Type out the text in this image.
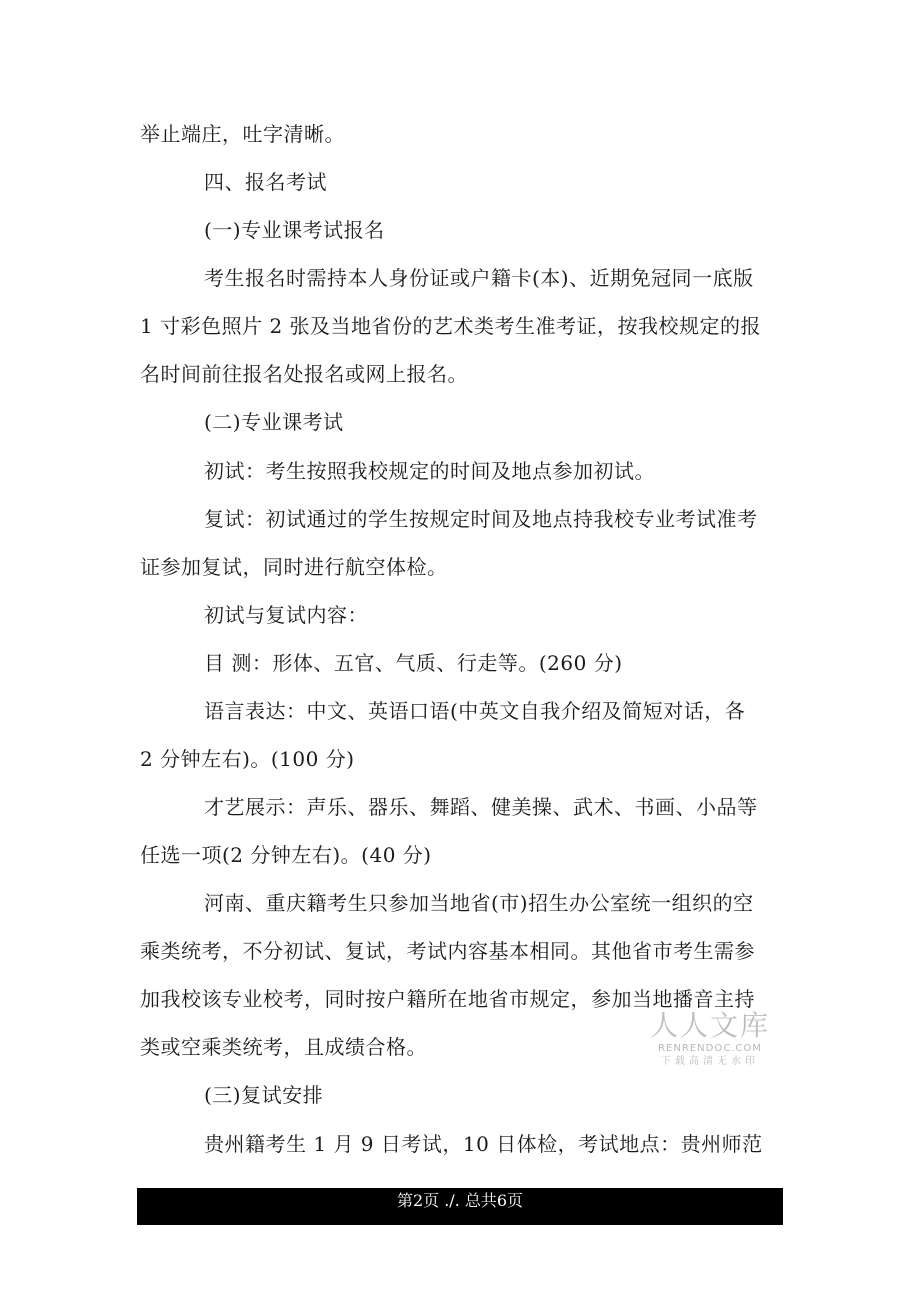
举止端庄，吐字清晰。
四、报名考试
(一)专业课考试报名
考生报名时需持本人身份证或户籍卡(本)、近期免冠同一底版
1 寸彩色照片 2 张及当地省份的艺术类考生准考证，按我校规定的报
名时间前往报名处报名或网上报名。
(二)专业课考试
初试：考生按照我校规定的时间及地点参加初试。
复试：初试通过的学生按规定时间及地点持我校专业考试准考
证参加复试，同时进行航空体检。
初试与复试内容：
目 测：形体、五官、气质、行走等。(260 分)
语言表达：中文、英语口语(中英文自我介绍及简短对话，各
2 分钟左右)。(100 分)
才艺展示：声乐、器乐、舞蹈、健美操、武术、书画、小品等
任选一项(2 分钟左右)。(40 分)
河南、重庆籍考生只参加当地省(市)招生办公室统一组织的空
乘类统考，不分初试、复试，考试内容基本相同。其他省市考生需参
加我校该专业校考，同时按户籍所在地省市规定，参加当地播音主持
类或空乘类统考，且成绩合格。
(三)复试安排
贵州籍考生 1 月 9 日考试，10 日体检，考试地点：贵州师范
人人文库
RENRENDOC.COM
下载高清无水印
第2页 ./. 总共6页
